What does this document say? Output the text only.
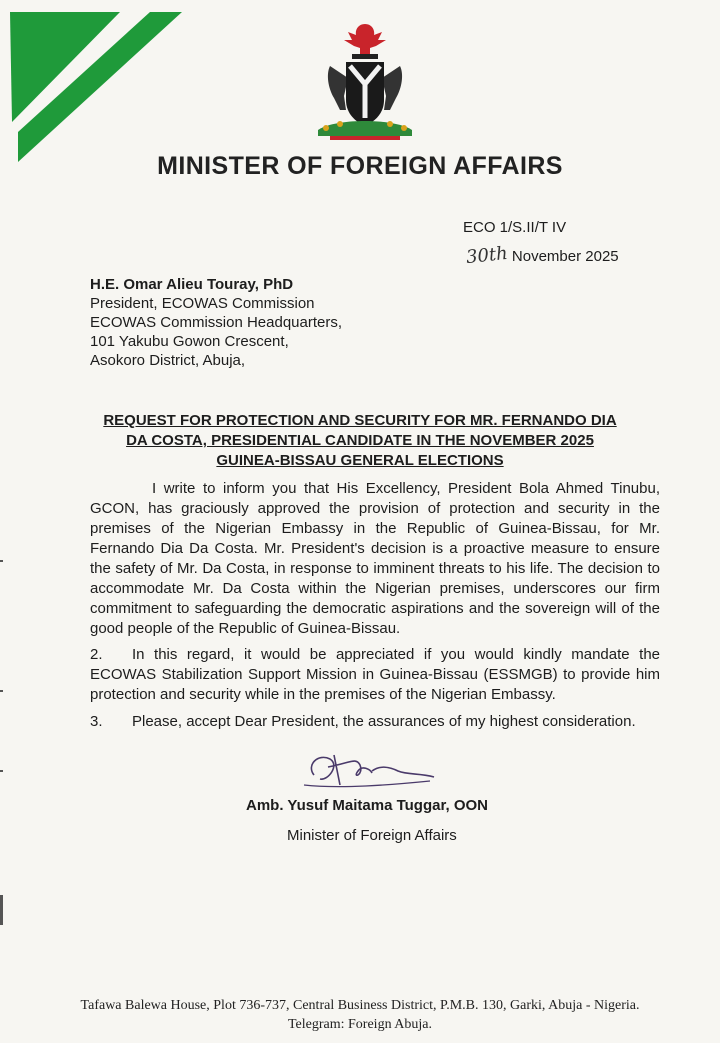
MINISTER OF FOREIGN AFFAIRS
ECO 1/S.II/T IV
30th November 2025
H.E. Omar Alieu Touray, PhD
President, ECOWAS Commission
ECOWAS Commission Headquarters,
101 Yakubu Gowon Crescent,
Asokoro District, Abuja,
REQUEST FOR PROTECTION AND SECURITY FOR MR. FERNANDO DIA
DA COSTA, PRESIDENTIAL CANDIDATE IN THE NOVEMBER 2025
GUINEA-BISSAU GENERAL ELECTIONS
I write to inform you that His Excellency, President Bola Ahmed Tinubu, GCON, has graciously approved the provision of protection and security in the premises of the Nigerian Embassy in the Republic of Guinea-Bissau, for Mr. Fernando Dia Da Costa. Mr. President's decision is a proactive measure to ensure the safety of Mr. Da Costa, in response to imminent threats to his life. The decision to accommodate Mr. Da Costa within the Nigerian premises, underscores our firm commitment to safeguarding the democratic aspirations and the sovereign will of the good people of the Republic of Guinea-Bissau.
2. In this regard, it would be appreciated if you would kindly mandate the ECOWAS Stabilization Support Mission in Guinea-Bissau (ESSMGB) to provide him protection and security while in the premises of the Nigerian Embassy.
3. Please, accept Dear President, the assurances of my highest consideration.
Amb. Yusuf Maitama Tuggar, OON
Minister of Foreign Affairs
Tafawa Balewa House, Plot 736-737, Central Business District, P.M.B. 130, Garki, Abuja - Nigeria.
Telegram: Foreign Abuja.
